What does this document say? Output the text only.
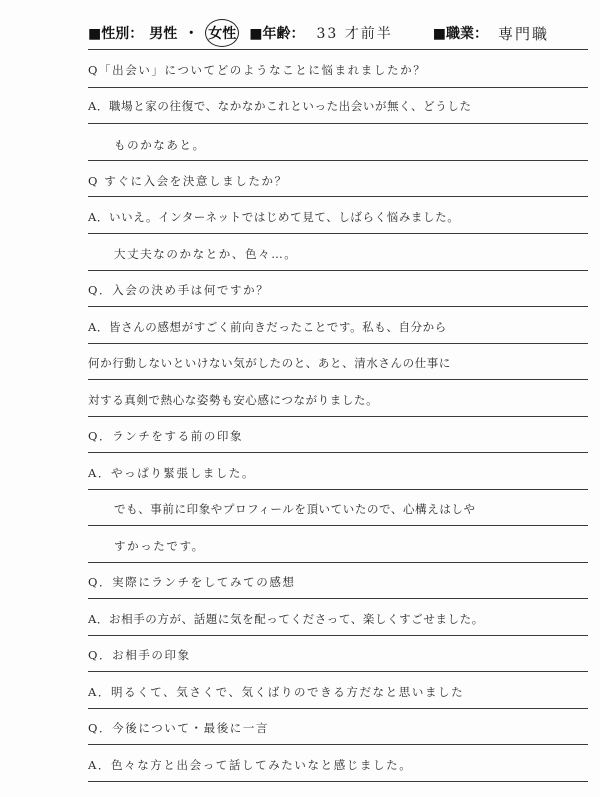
■性別： 男性 ・ 女性 ■年齢： 33 才前半	■職業： 専門職
Q「出会い」についてどのようなことに悩まれましたか？
A．職場と家の往復で、なかなかこれといった出会いが無く、どうした
ものかなあと。
Q すぐに入会を決意しましたか？
A．いいえ。インターネットではじめて見て、しばらく悩みました。
大丈夫なのかなとか、色々…。
Q．入会の決め手は何ですか？
A．皆さんの感想がすごく前向きだったことです。私も、自分から
何か行動しないといけない気がしたのと、あと、清水さんの仕事に
対する真剣で熱心な姿勢も安心感につながりました。
Q．ランチをする前の印象
A．やっぱり緊張しました。
でも、事前に印象やプロフィールを頂いていたので、心構えはしや
すかったです。
Q．実際にランチをしてみての感想
A．お相手の方が、話題に気を配ってくださって、楽しくすごせました。
Q．お相手の印象
A．明るくて、気さくで、気くばりのできる方だなと思いました
Q．今後について・最後に一言
A．色々な方と出会って話してみたいなと感じました。
